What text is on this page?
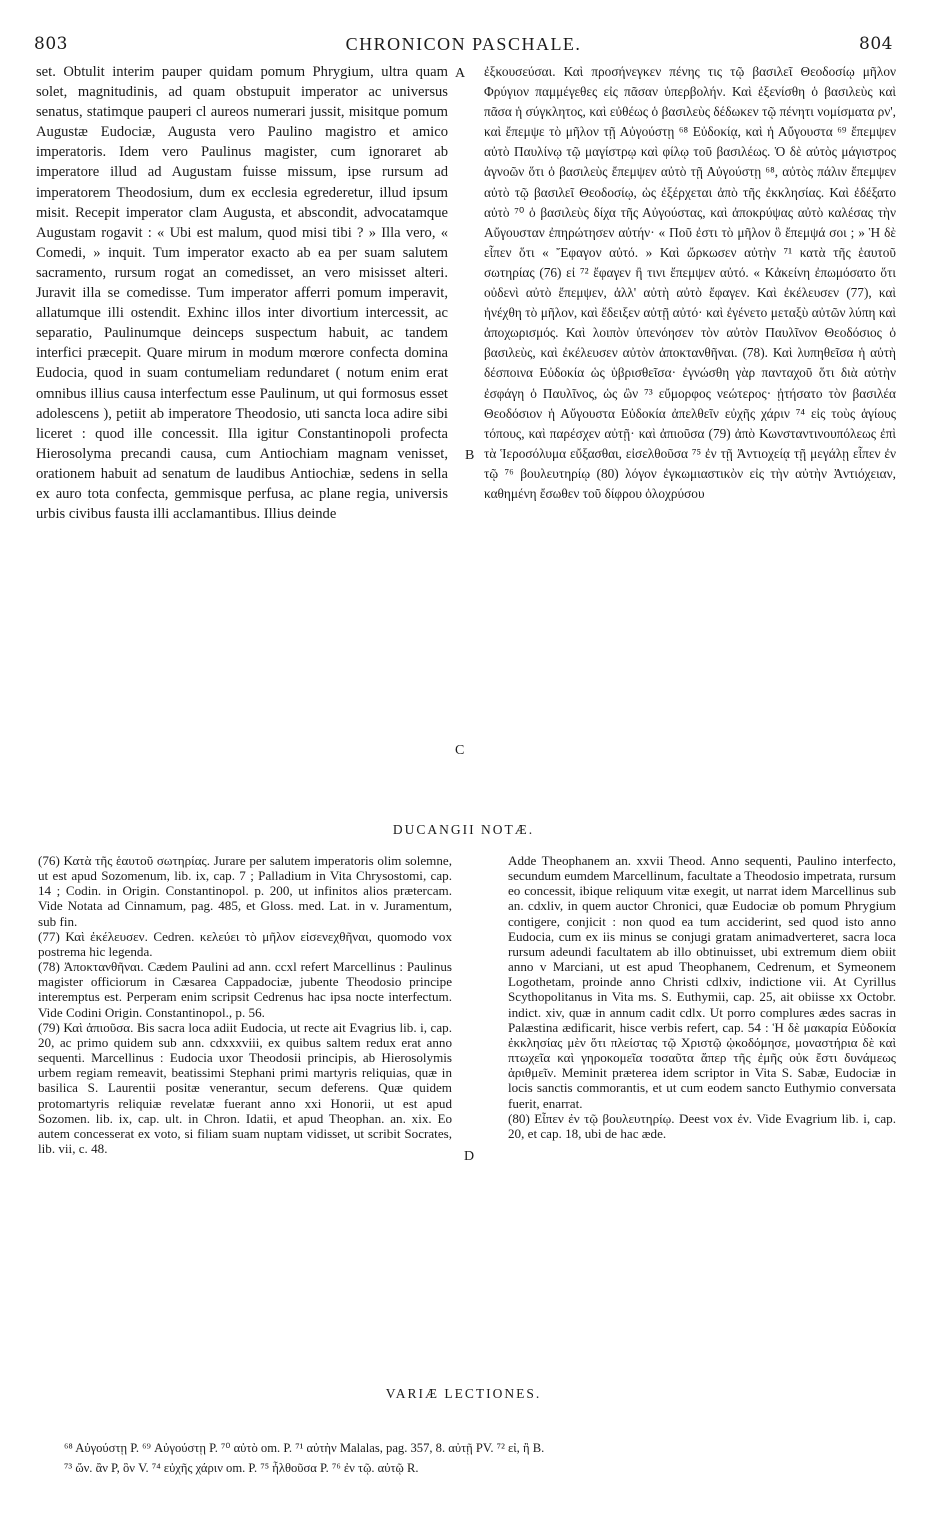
803	CHRONICON PASCHALE.	804

set. Obtulit interim pauper quidam pomum Phrygium, ultra quam solet, magnitudinis, ad quam obstupuit imperator ac universus senatus, statimque pauperi cl aureos numerari jussit, misitque pomum Augustæ Eudociæ, Augusta vero Paulino magistro et amico imperatoris. Idem vero Paulinus magister, cum ignoraret ab imperatore illud ad Augustam fuisse missum, ipse rursum ad imperatorem Theodosium, dum ex ecclesia egrederetur, illud ipsum misit. Recepit imperator clam Augusta, et abscondit, advocatamque Augustam rogavit : « Ubi est malum, quod misi tibi ? » Illa vero, « Comedi, » inquit. Tum imperator exacto ab ea per suam salutem sacramento, rursum rogat an comedisset, an vero misisset alteri. Juravit illa se comedisse. Tum imperator afferri pomum imperavit, allatumque illi ostendit. Exhinc illos inter divortium intercessit, ac separatio, Paulinumque deinceps suspectum habuit, ac tandem interfici præcepit. Quare mirum in modum mœrore confecta domina Eudocia, quod in suam contumeliam redundaret ( notum enim erat omnibus illius causa interfectum esse Paulinum, ut qui formosus esset adolescens ), petiit ab imperatore Theodosio, uti sancta loca adire sibi liceret : quod ille concessit. Illa igitur Constantinopoli profecta Hierosolyma precandi causa, cum Antiochiam magnam venisset, orationem habuit ad senatum de laudibus Antiochiæ, sedens in sella ex auro tota confecta, gemmisque perfusa, ac plane regia, universis urbis civibus fausta illi acclamantibus. Illius deinde

ἐξκουσεύσαι. Καὶ προσήνεγκεν πένης τις τῷ βασιλεῖ Θεοδοσίῳ μῆλον Φρύγιον παμμέγεθες εἰς πᾶσαν ὑπερβολήν. Καὶ ἐξενίσθη ὁ βασιλεὺς καὶ πᾶσα ἡ σύγκλητος, καὶ εὐθέως ὁ βασιλεὺς δέδωκεν τῷ πένητι νομίσματα ρν', καὶ ἔπεμψε τὸ μῆλον τῇ Αὐγούστῃ ⁶⁸ Εὐδοκίᾳ, καὶ ἡ Αὔγουστα ⁶⁹ ἔπεμψεν αὐτὸ Παυλίνῳ τῷ μαγίστρῳ καὶ φίλῳ τοῦ βασιλέως. Ὁ δὲ αὐτὸς μάγιστρος ἀγνοῶν ὅτι ὁ βασιλεὺς ἔπεμψεν αὐτὸ τῇ Αὐγούστῃ ⁶⁸, αὐτὸς πάλιν ἔπεμψεν αὐτὸ τῷ βασιλεῖ Θεοδοσίῳ, ὡς ἐξέρχεται ἀπὸ τῆς ἐκκλησίας. Καὶ ἐδέξατο αὐτὸ ⁷⁰ ὁ βασιλεὺς δίχα τῆς Αὐγούστας, καὶ ἀποκρύψας αὐτὸ καλέσας τὴν Αὔγουσταν ἐπηρώτησεν αὐτήν· « Ποῦ ἐστι τὸ μῆλον ὃ ἔπεμψά σοι ; » Ἡ δὲ εἶπεν ὅτι « Ἔφαγον αὐτό. » Καὶ ὤρκωσεν αὐτὴν ⁷¹ κατὰ τῆς ἑαυτοῦ σωτηρίας (76) εἰ ⁷² ἔφαγεν ἢ τινι ἔπεμψεν αὐτό. « Κἀκείνη ἐπωμόσατο ὅτι οὐδενὶ αὐτὸ ἔπεμψεν, ἀλλ' αὐτὴ αὐτὸ ἔφαγεν. Καὶ ἐκέλευσεν (77), καὶ ἠνέχθη τὸ μῆλον, καὶ ἔδειξεν αὐτῇ αὐτό· καὶ ἐγένετο μεταξὺ αὐτῶν λύπη καὶ ἀποχωρισμός. Καὶ λοιπὸν ὑπενόησεν τὸν αὐτὸν Παυλῖνον Θεοδόσιος ὁ βασιλεὺς, καὶ ἐκέλευσεν αὐτὸν ἀποκτανθῆναι. (78). Καὶ λυπηθεῖσα ἡ αὐτὴ δέσποινα Εὐδοκία ὡς ὑβρισθεῖσα· ἐγνώσθη γὰρ πανταχοῦ ὅτι διὰ αὐτὴν ἐσφάγη ὁ Παυλῖνος, ὡς ὢν ⁷³ εὔμορφος νεώτερος· ᾐτήσατο τὸν βασιλέα Θεοδόσιον ἡ Αὔγουστα Εὐδοκία ἀπελθεῖν εὐχῆς χάριν ⁷⁴ εἰς τοὺς ἁγίους τόπους, καὶ παρέσχεν αὐτῇ· καὶ ἀπιοῦσα (79) ἀπὸ Κωνσταντινουπόλεως ἐπὶ τὰ Ἱεροσόλυμα εὔξασθαι, εἰσελθοῦσα ⁷⁵ ἐν τῇ Ἀντιοχείᾳ τῇ μεγάλῃ εἶπεν ἐν τῷ ⁷⁶ βουλευτηρίῳ (80) λόγον ἐγκωμιαστικὸν εἰς τὴν αὐτὴν Ἀντιόχειαν, καθημένη ἔσωθεν τοῦ δίφρου ὁλοχρύσου

A
B
C
D
DUCANGII NOTÆ.

(76) Κατὰ τῆς ἑαυτοῦ σωτηρίας. Jurare per salutem imperatoris olim solemne, ut est apud Sozomenum, lib. ix, cap. 7 ; Palladium in Vita Chrysostomi, cap. 14 ; Codin. in Origin. Constantinopol. p. 200, ut infinitos alios prætercam. Vide Notata ad Cinnamum, pag. 485, et Gloss. med. Lat. in v. Juramentum, sub fin.

(77) Καὶ ἐκέλευσεν. Cedren. κελεύει τὸ μῆλον εἰσενεχθῆναι, quomodo vox postrema hic legenda.

(78) Ἀποκτανθῆναι. Cædem Paulini ad ann. ccxl refert Marcellinus : Paulinus magister officiorum in Cæsarea Cappadociæ, jubente Theodosio principe interemptus est. Perperam enim scripsit Cedrenus hac ipsa nocte interfectum. Vide Codini Origin. Constantinopol., p. 56.

(79) Καὶ ἀπιοῦσα. Bis sacra loca adiit Eudocia, ut recte ait Evagrius lib. i, cap. 20, ac primo quidem sub ann. cdxxxviii, ex quibus saltem redux erat anno sequenti. Marcellinus : Eudocia uxor Theodosii principis, ab Hierosolymis urbem regiam remeavit, beatissimi Stephani primi martyris reliquias, quæ in basilica S. Laurentii positæ venerantur, secum deferens. Quæ quidem protomartyris reliquiæ revelatæ fuerant anno xxi Honorii, ut est apud Sozomen. lib. ix, cap. ult. in Chron. Idatii, et apud Theophan. an. xix. Eo autem concesserat ex voto, si filiam suam nuptam vidisset, ut scribit Socrates, lib. vii, c. 48.

Adde Theophanem an. xxvii Theod. Anno sequenti, Paulino interfecto, secundum eumdem Marcellinum, facultate a Theodosio impetrata, rursum eo concessit, ibique reliquum vitæ exegit, ut narrat idem Marcellinus sub an. cdxliv, in quem auctor Chronici, quæ Eudociæ ob pomum Phrygium contigere, conjicit : non quod ea tum acciderint, sed quod isto anno Eudocia, cum ex iis minus se conjugi gratam animadverteret, sacra loca rursum adeundi facultatem ab illo obtinuisset, ubi extremum diem obiit anno v Marciani, ut est apud Theophanem, Cedrenum, et Symeonem Logothetam, proinde anno Christi cdlxiv, indictione vii. At Cyrillus Scythopolitanus in Vita ms. S. Euthymii, cap. 25, ait obiisse xx Octobr. indict. xiv, quæ in annum cadit cdlx. Ut porro complures ædes sacras in Palæstina ædificarit, hisce verbis refert, cap. 54 : Ἡ δὲ μακαρία Εὐδοκία ἐκκλησίας μὲν ὅτι πλείστας τῷ Χριστῷ ᾠκοδόμησε, μοναστήρια δὲ καὶ πτωχεῖα καὶ γηροκομεῖα τοσαῦτα ἅπερ τῆς ἐμῆς οὐκ ἔστι δυνάμεως ἀριθμεῖν. Meminit præterea idem scriptor in Vita S. Sabæ, Eudociæ in locis sanctis commorantis, et ut cum eodem sancto Euthymio conversata fuerit, enarrat.

(80) Εἶπεν ἐν τῷ βουλευτηρίῳ. Deest vox ἐν. Vide Evagrium lib. i, cap. 20, et cap. 18, ubi de hac æde.

VARIÆ LECTIONES.

⁶⁸ Αὐγούστῃ P. ⁶⁹ Αὐγούστῃ P. ⁷⁰ αὐτὸ om. P. ⁷¹ αὐτὴν Malalas, pag. 357, 8. αὐτῇ PV. ⁷² εἰ, ἢ B.

⁷³ ὤν. ἂν P, ὃν V. ⁷⁴ εὐχῆς χάριν om. P. ⁷⁵ ἦλθοῦσα P. ⁷⁶ ἐν τῷ. αὐτῷ R.
